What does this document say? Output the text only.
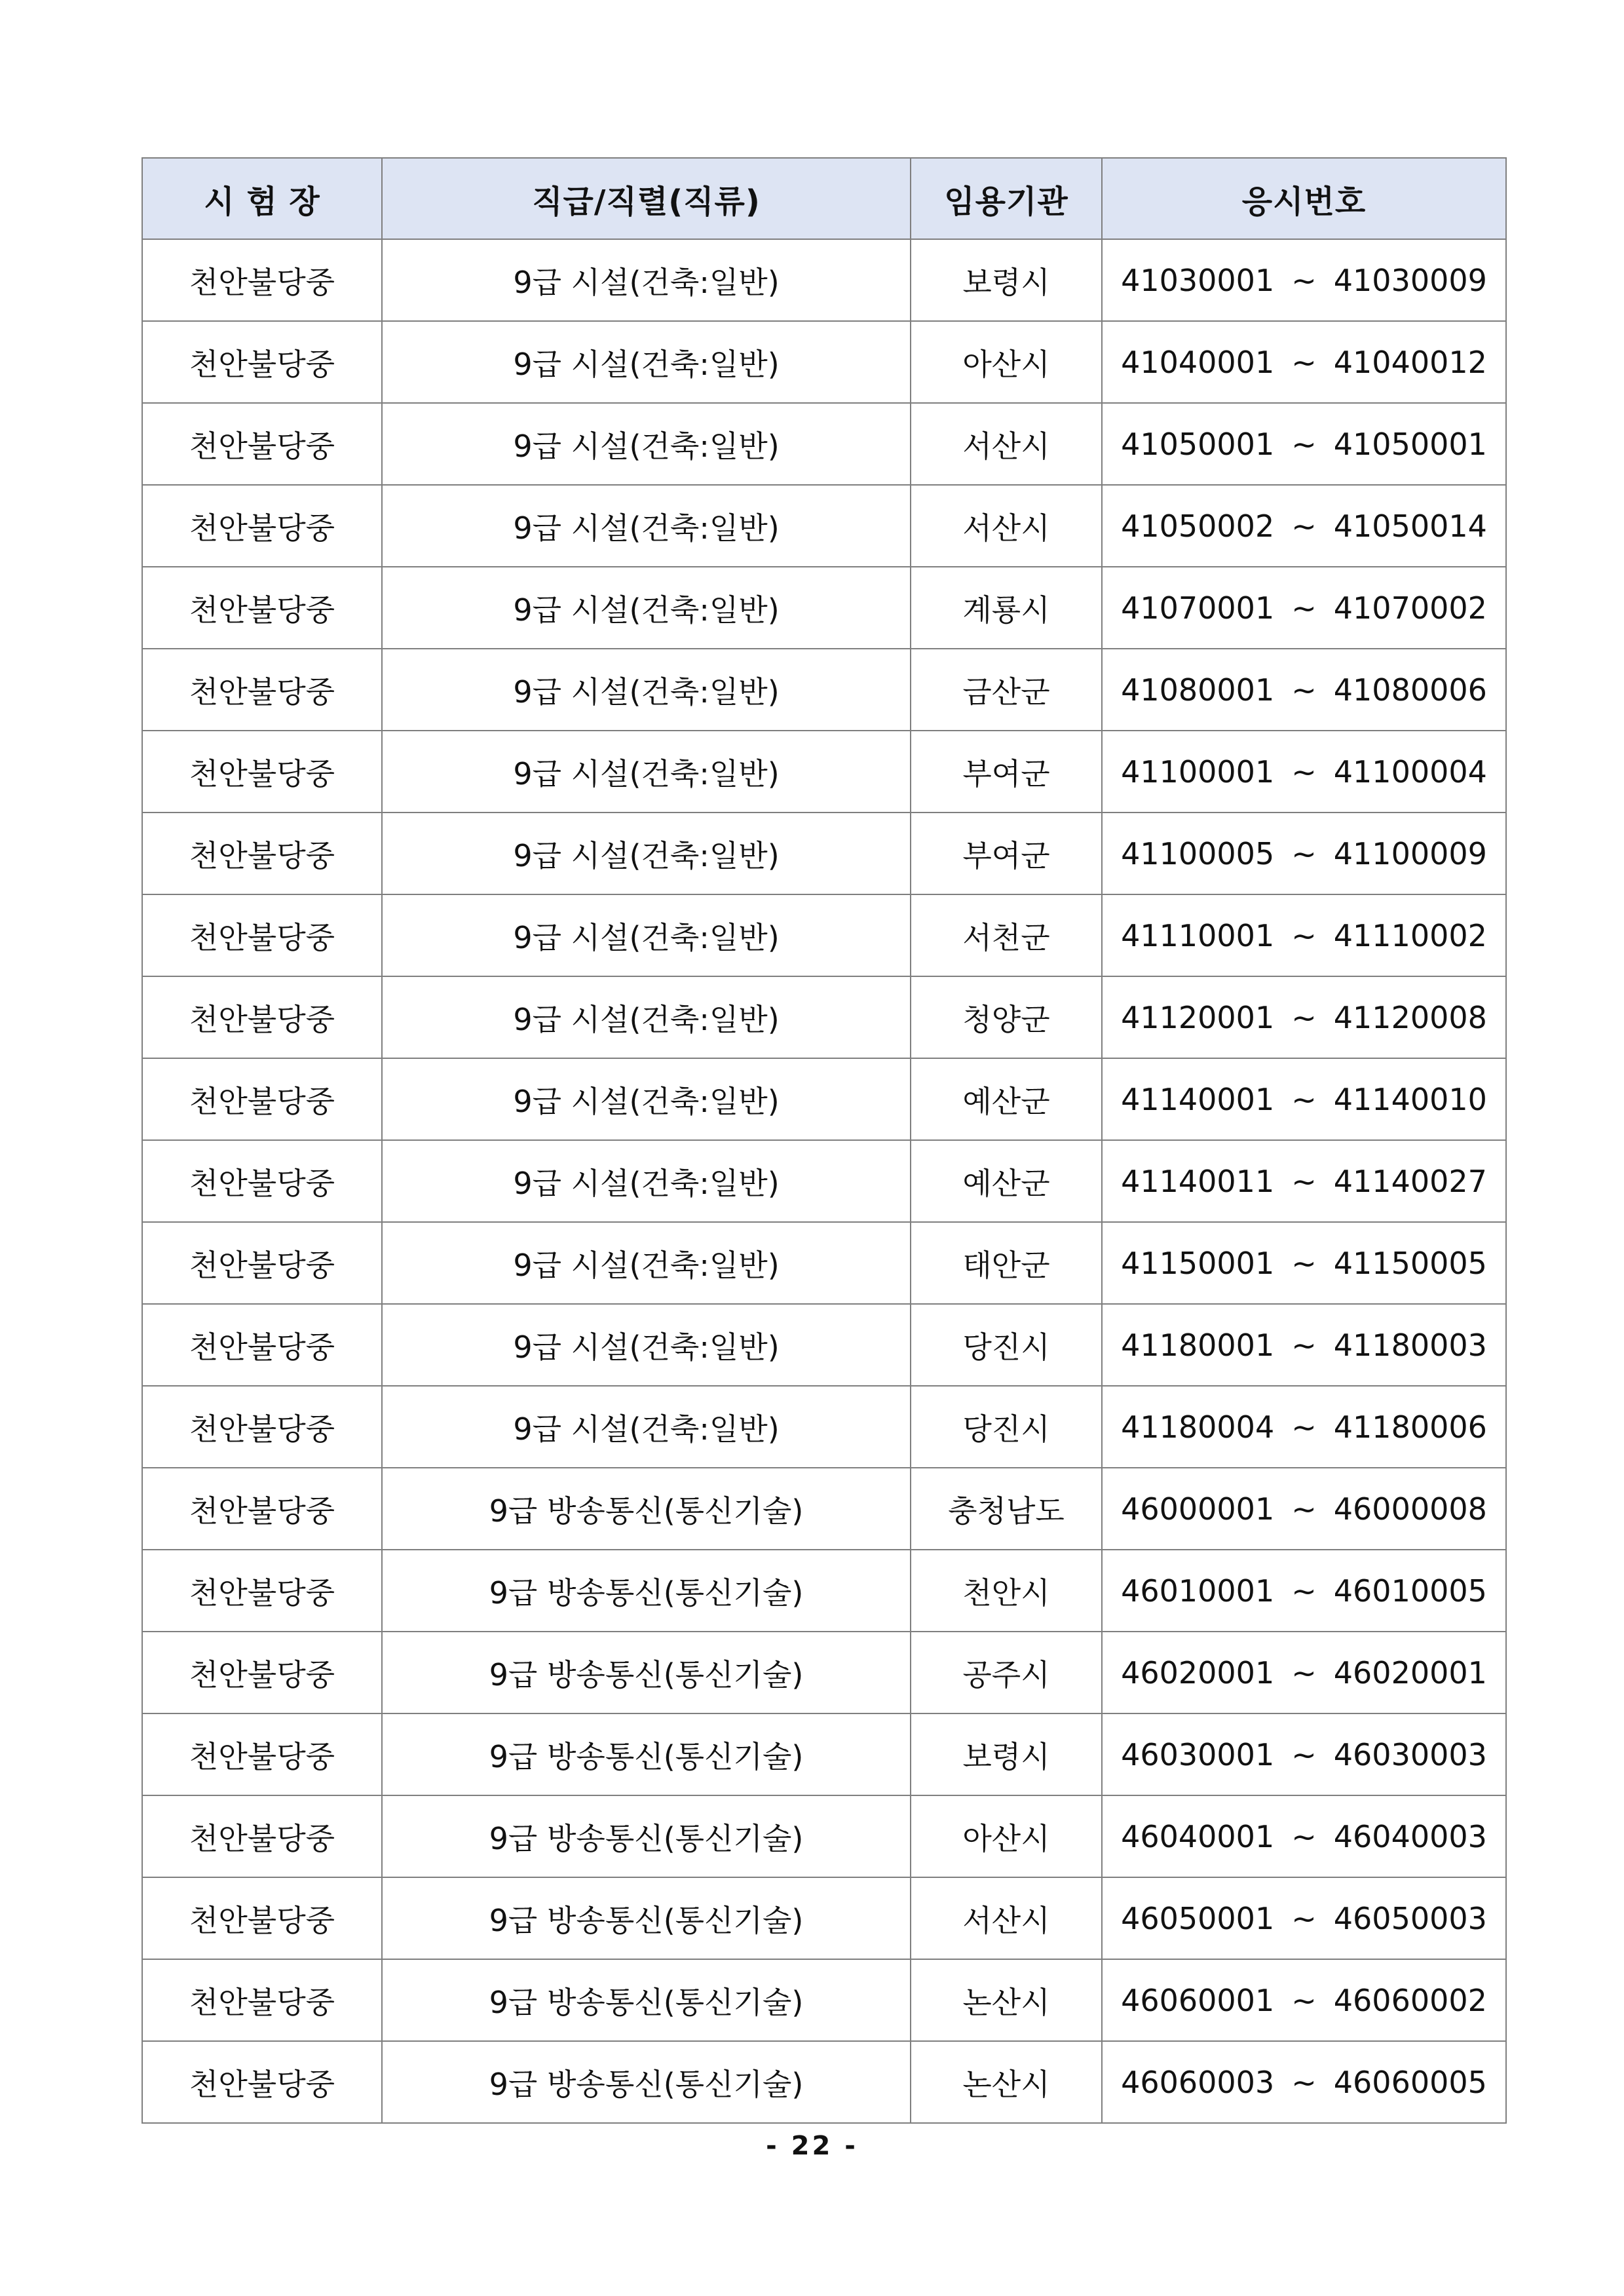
시 험 장	직급/직렬(직류)	임용기관	응시번호
천안불당중	9급 시설(건축:일반)	보령시	41030001 ~ 41030009
천안불당중	9급 시설(건축:일반)	아산시	41040001 ~ 41040012
천안불당중	9급 시설(건축:일반)	서산시	41050001 ~ 41050001
천안불당중	9급 시설(건축:일반)	서산시	41050002 ~ 41050014
천안불당중	9급 시설(건축:일반)	계룡시	41070001 ~ 41070002
천안불당중	9급 시설(건축:일반)	금산군	41080001 ~ 41080006
천안불당중	9급 시설(건축:일반)	부여군	41100001 ~ 41100004
천안불당중	9급 시설(건축:일반)	부여군	41100005 ~ 41100009
천안불당중	9급 시설(건축:일반)	서천군	41110001 ~ 41110002
천안불당중	9급 시설(건축:일반)	청양군	41120001 ~ 41120008
천안불당중	9급 시설(건축:일반)	예산군	41140001 ~ 41140010
천안불당중	9급 시설(건축:일반)	예산군	41140011 ~ 41140027
천안불당중	9급 시설(건축:일반)	태안군	41150001 ~ 41150005
천안불당중	9급 시설(건축:일반)	당진시	41180001 ~ 41180003
천안불당중	9급 시설(건축:일반)	당진시	41180004 ~ 41180006
천안불당중	9급 방송통신(통신기술)	충청남도	46000001 ~ 46000008
천안불당중	9급 방송통신(통신기술)	천안시	46010001 ~ 46010005
천안불당중	9급 방송통신(통신기술)	공주시	46020001 ~ 46020001
천안불당중	9급 방송통신(통신기술)	보령시	46030001 ~ 46030003
천안불당중	9급 방송통신(통신기술)	아산시	46040001 ~ 46040003
천안불당중	9급 방송통신(통신기술)	서산시	46050001 ~ 46050003
천안불당중	9급 방송통신(통신기술)	논산시	46060001 ~ 46060002
천안불당중	9급 방송통신(통신기술)	논산시	46060003 ~ 46060005
- 22 -
